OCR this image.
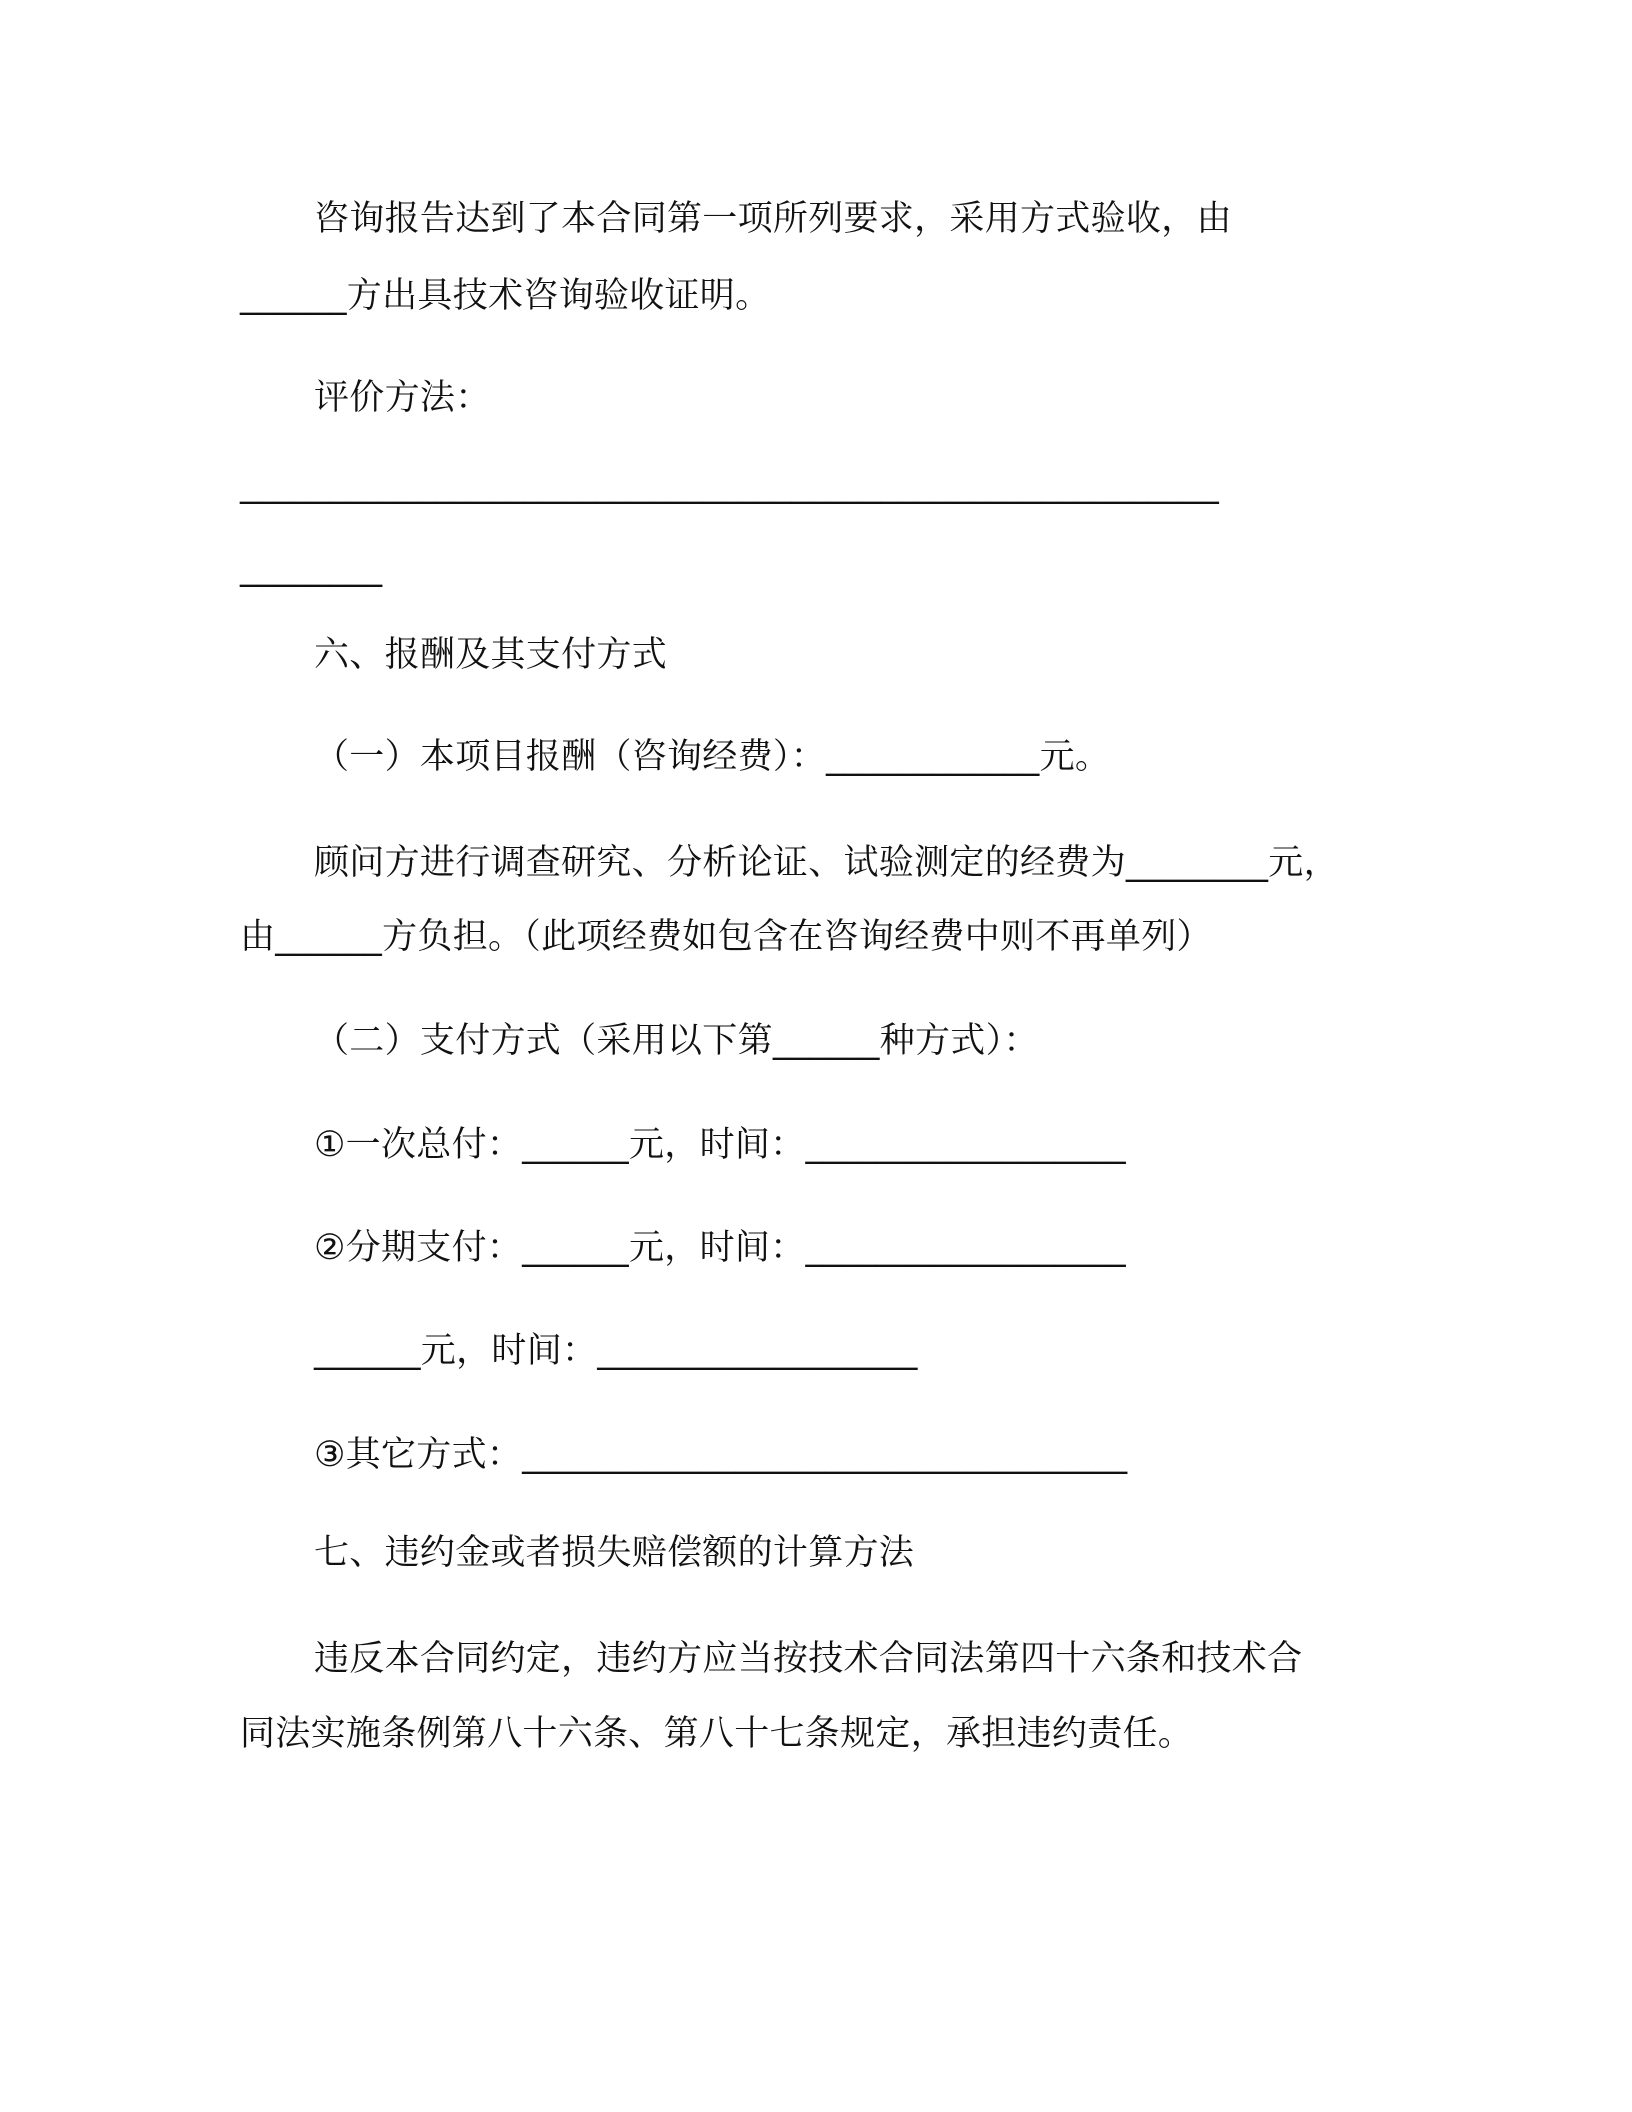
咨询报告达到了本合同第一项所列要求，采用方式验收，由
______方出具技术咨询验收证明。
评价方法：
_______________________________________________________
________
六、报酬及其支付方式
（一）本项目报酬（咨询经费）：____________元。
顾问方进行调查研究、分析论证、试验测定的经费为________元，
由______方负担。（此项经费如包含在咨询经费中则不再单列）
（二）支付方式（采用以下第______种方式）：
①一次总付：______元，时间：__________________
②分期支付：______元，时间：__________________
______元，时间：__________________
③其它方式：__________________________________
七、违约金或者损失赔偿额的计算方法
违反本合同约定，违约方应当按技术合同法第四十六条和技术合
同法实施条例第八十六条、第八十七条规定，承担违约责任。
